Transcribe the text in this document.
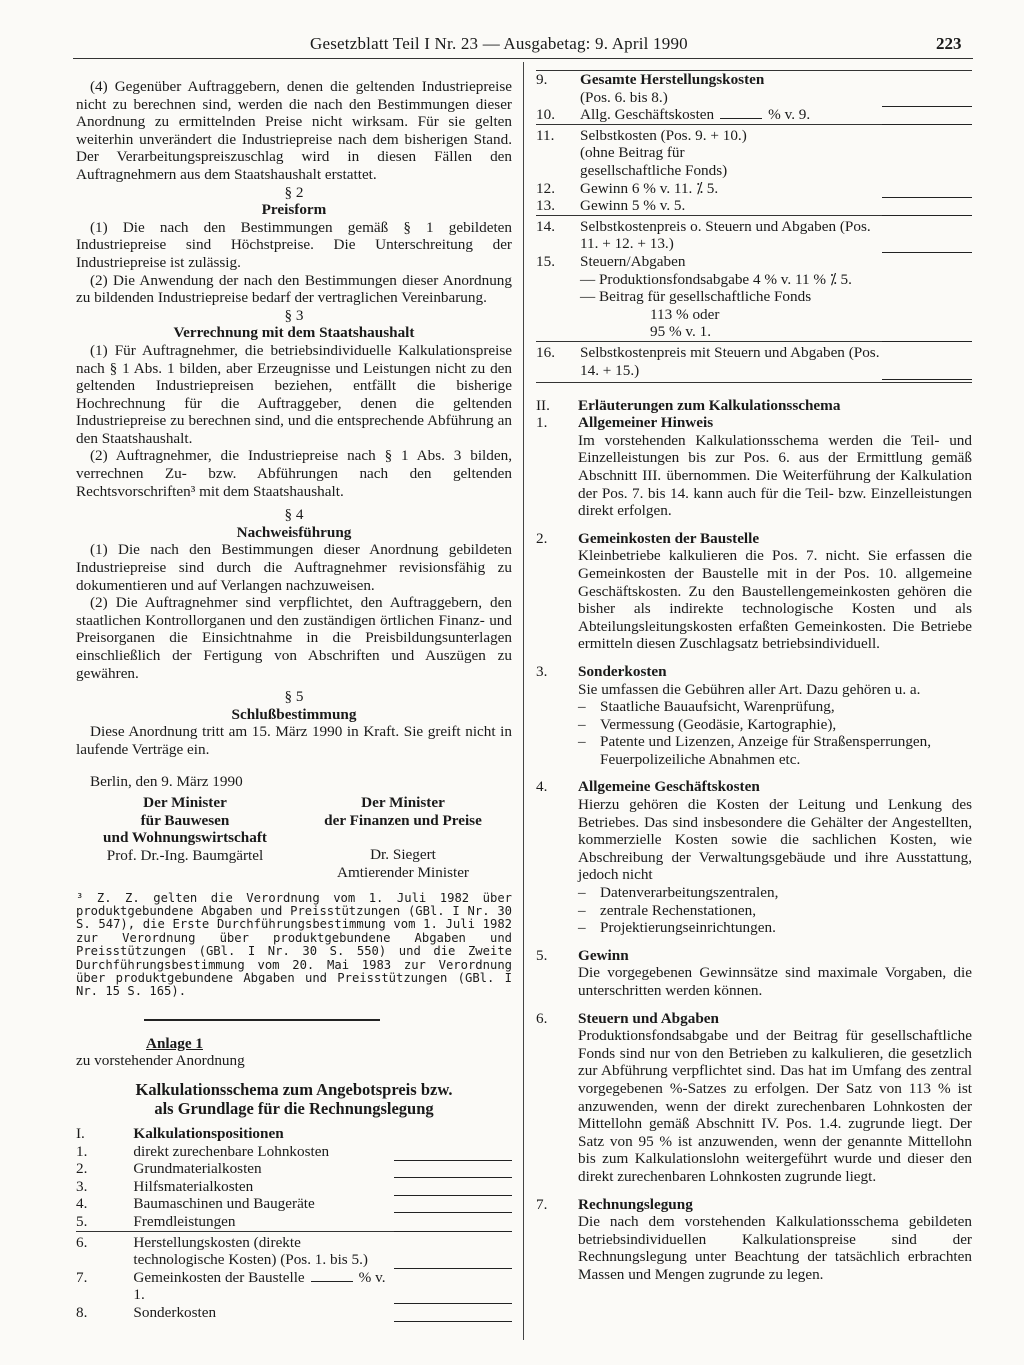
Gesetzblatt Teil I Nr. 23 — Ausgabetag: 9. April 1990	223

(4) Gegenüber Auftraggebern, denen die geltenden Industriepreise nicht zu berechnen sind, werden die nach den Bestimmungen dieser Anordnung zu ermittelnden Preise nicht wirksam. Für sie gelten weiterhin unverändert die Industriepreise nach dem bisherigen Stand. Der Verarbeitungspreiszuschlag wird in diesen Fällen den Auftragnehmern aus dem Staatshaushalt erstattet.

§ 2
Preisform

(1) Die nach den Bestimmungen gemäß § 1 gebildeten Industriepreise sind Höchstpreise. Die Unterschreitung der Industriepreise ist zulässig.

(2) Die Anwendung der nach den Bestimmungen dieser Anordnung zu bildenden Industriepreise bedarf der vertraglichen Vereinbarung.

§ 3
Verrechnung mit dem Staatshaushalt

(1) Für Auftragnehmer, die betriebsindividuelle Kalkulationspreise nach § 1 Abs. 1 bilden, aber Erzeugnisse und Leistungen nicht zu den geltenden Industriepreisen beziehen, entfällt die bisherige Hochrechnung für die Auftraggeber, denen die geltenden Industriepreise zu berechnen sind, und die entsprechende Abführung an den Staatshaushalt.

(2) Auftragnehmer, die Industriepreise nach § 1 Abs. 3 bilden, verrechnen Zu- bzw. Abführungen nach den geltenden Rechtsvorschriften³ mit dem Staatshaushalt.

§ 4
Nachweisführung

(1) Die nach den Bestimmungen dieser Anordnung gebildeten Industriepreise sind durch die Auftragnehmer revisionsfähig zu dokumentieren und auf Verlangen nachzuweisen.

(2) Die Auftragnehmer sind verpflichtet, den Auftraggebern, den staatlichen Kontrollorganen und den zuständigen örtlichen Finanz- und Preisorganen die Einsichtnahme in die Preisbildungsunterlagen einschließlich der Fertigung von Abschriften und Auszügen zu gewähren.

§ 5
Schlußbestimmung

Diese Anordnung tritt am 15. März 1990 in Kraft. Sie greift nicht in laufende Verträge ein.

Berlin, den 9. März 1990

Der Minister
für Bauwesen
und Wohnungswirtschaft
Prof. Dr.-Ing. Baumgärtel
Der Minister
der Finanzen und Preise
Dr. Siegert
Amtierender Minister

³ Z. Z. gelten die Verordnung vom 1. Juli 1982 über produktgebundene Abgaben und Preisstützungen (GBl. I Nr. 30 S. 547), die Erste Durchführungsbestimmung vom 1. Juli 1982 zur Verordnung über produktgebundene Abgaben und Preisstützungen (GBl. I Nr. 30 S. 550) und die Zweite Durchführungsbestimmung vom 20. Mai 1983 zur Verordnung über produktgebundene Abgaben und Preisstützungen (GBl. I Nr. 15 S. 165).

Anlage 1
zu vorstehender Anordnung
Kalkulationsschema zum Angebotspreis bzw.
als Grundlage für die Rechnungslegung
I.	Kalkulationspositionen	
1.	direkt zurechenbare Lohnkosten	
2.	Grundmaterialkosten	
3.	Hilfsmaterialkosten	
4.	Baumaschinen und Baugeräte	
5.	Fremdleistungen	
6.	Herstellungskosten (direkte technologische Kosten) (Pos. 1. bis 5.)	
7.	Gemeinkosten der Baustelle % v. 1.	
8.	Sonderkosten	
9.	Gesamte Herstellungskosten
(Pos. 6. bis 8.)	
10.	Allg. Geschäftskosten % v. 9.	
11.	Selbstkosten (Pos. 9. + 10.) (ohne Beitrag für gesellschaftliche Fonds)	
12.	Gewinn 6 % v. 11. ⁒ 5.	
13.	Gewinn 5 % v. 5.	
14.	Selbstkostenpreis o. Steuern und Abgaben (Pos. 11. + 12. + 13.)	
15.	Steuern/Abgaben
— Produktionsfondsabgabe 4 % v. 11 % ⁒ 5.
— Beitrag für gesellschaftliche Fonds
113 % oder
95 % v. 1.	

16.	Selbstkostenpreis mit Steuern und Abgaben (Pos. 14. + 15.)	
II.	Erläuterungen zum Kalkulationsschema
1.	Allgemeiner Hinweis

Im vorstehenden Kalkulationsschema werden die Teil- und Einzelleistungen bis zur Pos. 6. aus der Ermittlung gemäß Abschnitt III. übernommen. Die Weiterführung der Kalkulation der Pos. 7. bis 14. kann auch für die Teil- bzw. Einzelleistungen direkt erfolgen.

2.	Gemeinkosten der Baustelle

Kleinbetriebe kalkulieren die Pos. 7. nicht. Sie erfassen die Gemeinkosten der Baustelle mit in der Pos. 10. allgemeine Geschäftskosten. Zu den Baustellengemeinkosten gehören die bisher als indirekte technologische Kosten und als Abteilungsleitungskosten erfaßten Gemeinkosten. Die Betriebe ermitteln diesen Zuschlagsatz betriebsindividuell.

3.	Sonderkosten

Sie umfassen die Gebühren aller Art. Dazu gehören u. a.

– Staatliche Bauaufsicht, Warenprüfung,
– Vermessung (Geodäsie, Kartographie),
– Patente und Lizenzen, Anzeige für Straßensperrungen, Feuerpolizeiliche Abnahmen etc.
4.	Allgemeine Geschäftskosten

Hierzu gehören die Kosten der Leitung und Lenkung des Betriebes. Das sind insbesondere die Gehälter der Angestellten, kommerzielle Kosten sowie die sachlichen Kosten, wie Abschreibung der Verwaltungsgebäude und ihre Ausstattung, jedoch nicht

– Datenverarbeitungszentralen,
– zentrale Rechenstationen,
– Projektierungseinrichtungen.
5.	Gewinn

Die vorgegebenen Gewinnsätze sind maximale Vorgaben, die unterschritten werden können.

6.	Steuern und Abgaben

Produktionsfondsabgabe und der Beitrag für gesellschaftliche Fonds sind nur von den Betrieben zu kalkulieren, die gesetzlich zur Abführung verpflichtet sind. Das hat im Umfang des zentral vorgegebenen %-Satzes zu erfolgen. Der Satz von 113 % ist anzuwenden, wenn der direkt zurechenbaren Lohnkosten der Mittellohn gemäß Abschnitt IV. Pos. 1.4. zugrunde liegt. Der Satz von 95 % ist anzuwenden, wenn der genannte Mittellohn bis zum Kalkulationslohn weitergeführt wurde und dieser den direkt zurechenbaren Lohnkosten zugrunde liegt.

7.	Rechnungslegung

Die nach dem vorstehenden Kalkulationsschema gebildeten betriebsindividuellen Kalkulationspreise sind der Rechnungslegung unter Beachtung der tatsächlich erbrachten Massen und Mengen zugrunde zu legen.
